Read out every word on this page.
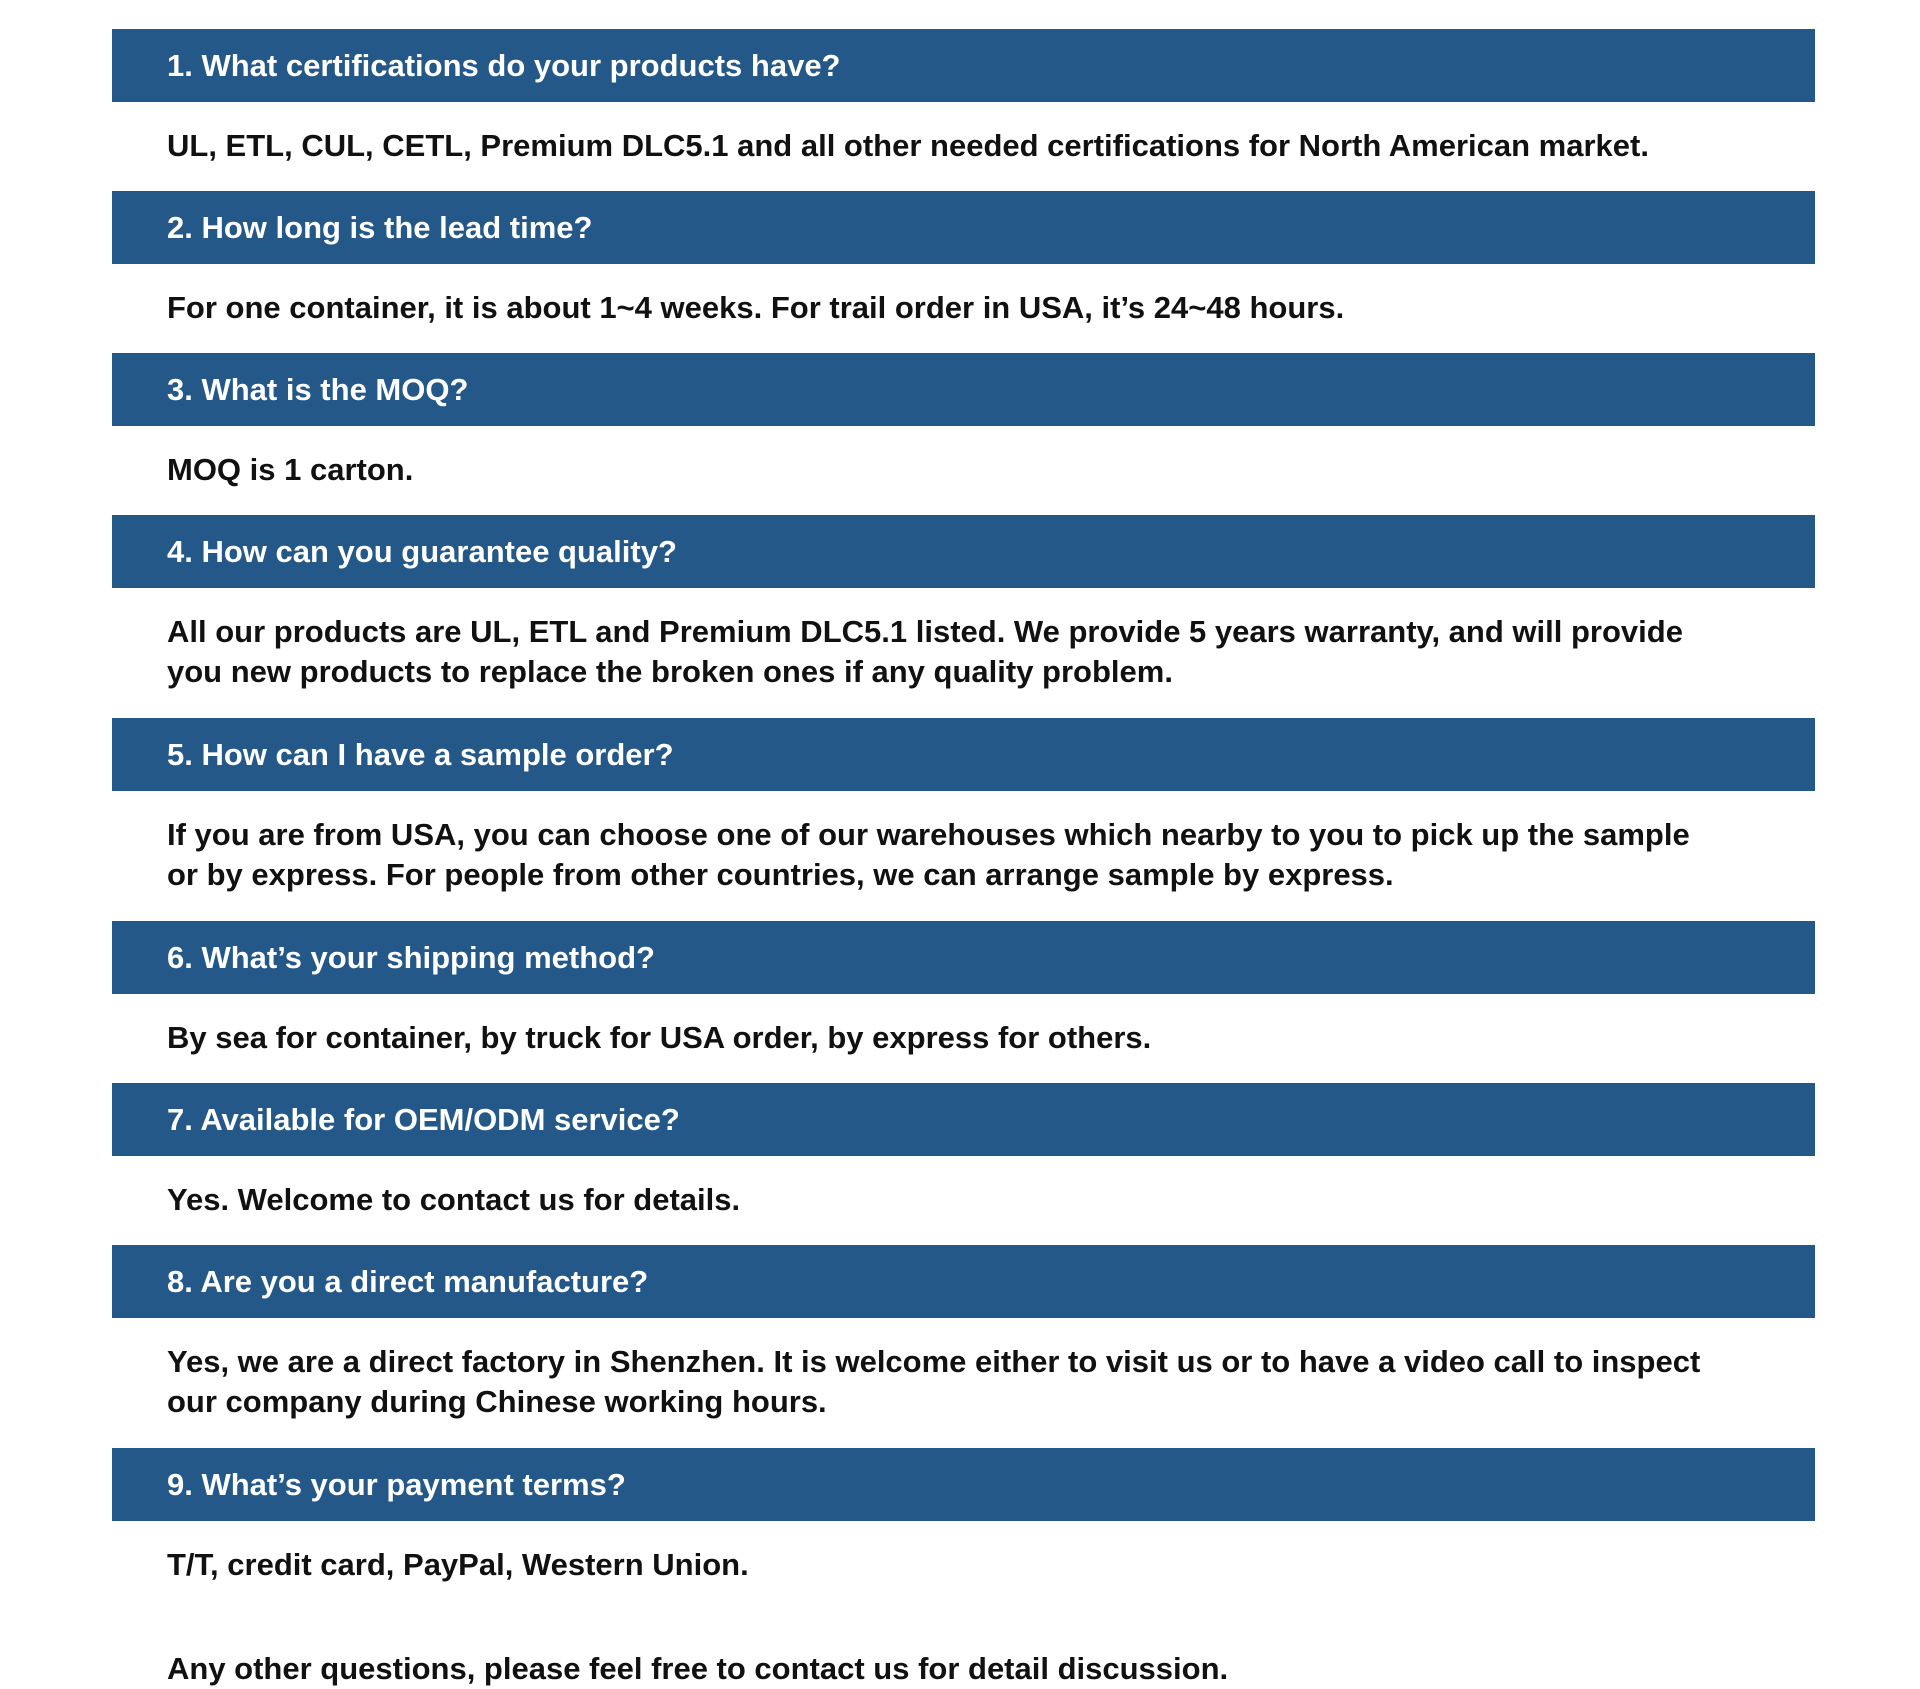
1. What certifications do your products have?
UL, ETL, CUL, CETL, Premium DLC5.1 and all other needed certifications for North American market.
2. How long is the lead time?
For one container, it is about 1~4 weeks. For trail order in USA, it’s 24~48 hours.
3. What is the MOQ?
MOQ is 1 carton.
4. How can you guarantee quality?
All our products are UL, ETL and Premium DLC5.1 listed. We provide 5 years warranty, and will provide
you new products to replace the broken ones if any quality problem.
5. How can I have a sample order?
If you are from USA, you can choose one of our warehouses which nearby to you to pick up the sample
or by express. For people from other countries, we can arrange sample by express.
6. What’s your shipping method?
By sea for container, by truck for USA order, by express for others.
7. Available for OEM/ODM service?
Yes. Welcome to contact us for details.
8. Are you a direct manufacture?
Yes, we are a direct factory in Shenzhen. It is welcome either to visit us or to have a video call to inspect
our company during Chinese working hours.
9. What’s your payment terms?
T/T, credit card, PayPal, Western Union.
Any other questions, please feel free to contact us for detail discussion.
